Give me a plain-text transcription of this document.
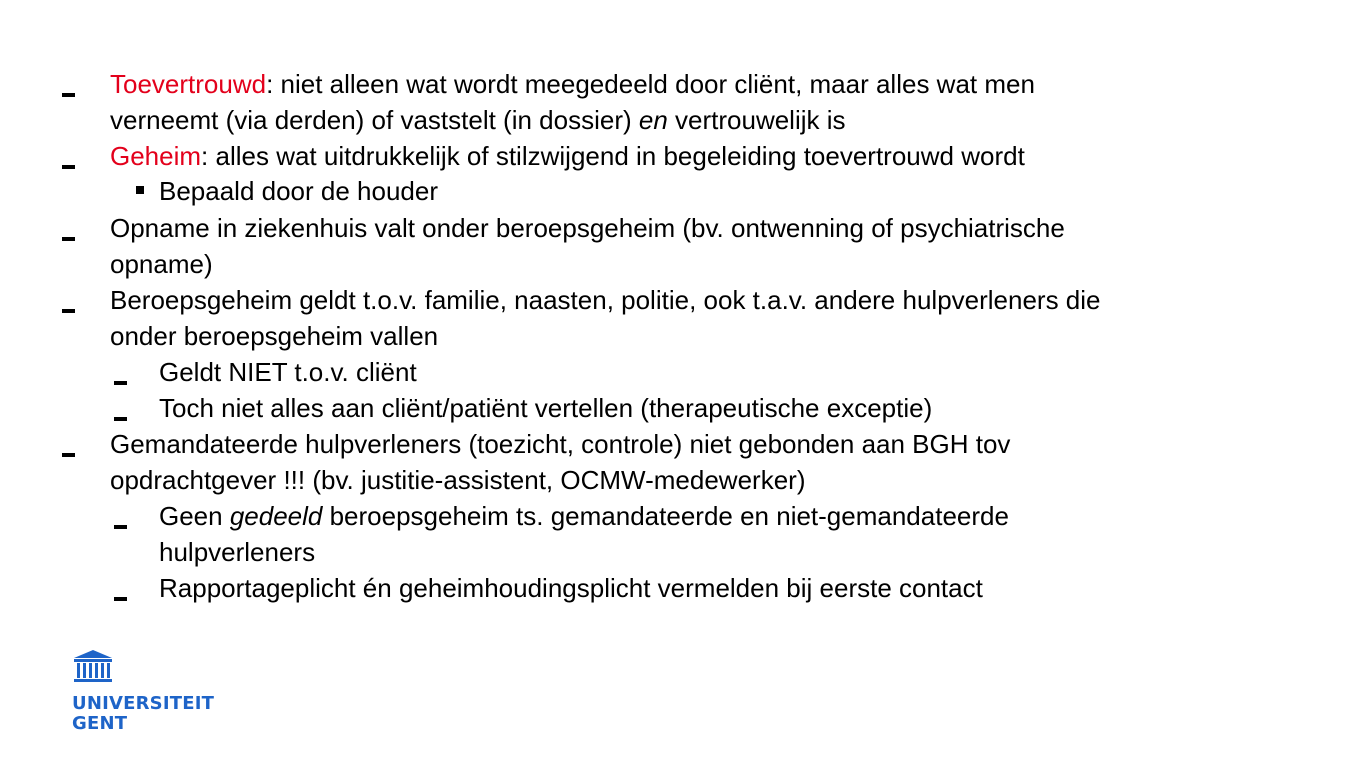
Toevertrouwd: niet alleen wat wordt meegedeeld door cliënt, maar alles wat men
verneemt (via derden) of vaststelt (in dossier) en vertrouwelijk is
Geheim: alles wat uitdrukkelijk of stilzwijgend in begeleiding toevertrouwd wordt
Bepaald door de houder
Opname in ziekenhuis valt onder beroepsgeheim (bv. ontwenning of psychiatrische
opname)
Beroepsgeheim geldt t.o.v. familie, naasten, politie, ook t.a.v. andere hulpverleners die
onder beroepsgeheim vallen
Geldt NIET t.o.v. cliënt
Toch niet alles aan cliënt/patiënt vertellen (therapeutische exceptie)
Gemandateerde hulpverleners (toezicht, controle) niet gebonden aan BGH tov
opdrachtgever !!! (bv. justitie-assistent, OCMW-medewerker)
Geen gedeeld beroepsgeheim ts. gemandateerde en niet-gemandateerde
hulpverleners
Rapportageplicht én geheimhoudingsplicht vermelden bij eerste contact
UNIVERSITEIT
GENT
